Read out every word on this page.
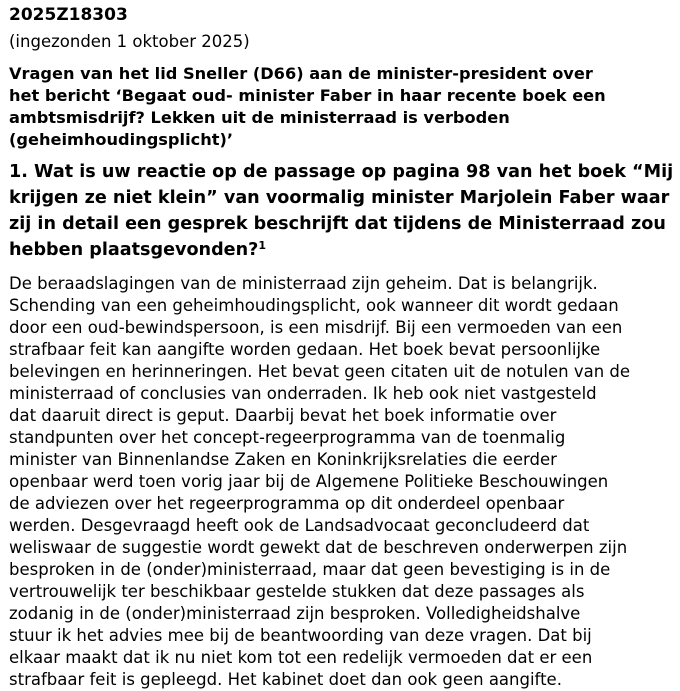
2025Z18303
(ingezonden 1 oktober 2025)
Vragen van het lid Sneller (D66) aan de minister-president over
het bericht ‘Begaat oud- minister Faber in haar recente boek een
ambtsmisdrijf? Lekken uit de ministerraad is verboden
(geheimhoudingsplicht)’
1. Wat is uw reactie op de passage op pagina 98 van het boek “Mij
krijgen ze niet klein” van voormalig minister Marjolein Faber waar
zij in detail een gesprek beschrijft dat tijdens de Ministerraad zou
hebben plaatsgevonden?$^1$
De beraadslagingen van de ministerraad zijn geheim. Dat is belangrijk.
Schending van een geheimhoudingsplicht, ook wanneer dit wordt gedaan
door een oud-bewindspersoon, is een misdrijf. Bij een vermoeden van een
strafbaar feit kan aangifte worden gedaan. Het boek bevat persoonlijke
belevingen en herinneringen. Het bevat geen citaten uit de notulen van de
ministerraad of conclusies van onderraden. Ik heb ook niet vastgesteld
dat daaruit direct is geput. Daarbij bevat het boek informatie over
standpunten over het concept-regeerprogramma van de toenmalig
minister van Binnenlandse Zaken en Koninkrijksrelaties die eerder
openbaar werd toen vorig jaar bij de Algemene Politieke Beschouwingen
de adviezen over het regeerprogramma op dit onderdeel openbaar
werden. Desgevraagd heeft ook de Landsadvocaat geconcludeerd dat
weliswaar de suggestie wordt gewekt dat de beschreven onderwerpen zijn
besproken in de (onder)ministerraad, maar dat geen bevestiging is in de
vertrouwelijk ter beschikbaar gestelde stukken dat deze passages als
zodanig in de (onder)ministerraad zijn besproken. Volledigheidshalve
stuur ik het advies mee bij de beantwoording van deze vragen. Dat bij
elkaar maakt dat ik nu niet kom tot een redelijk vermoeden dat er een
strafbaar feit is gepleegd. Het kabinet doet dan ook geen aangifte.
